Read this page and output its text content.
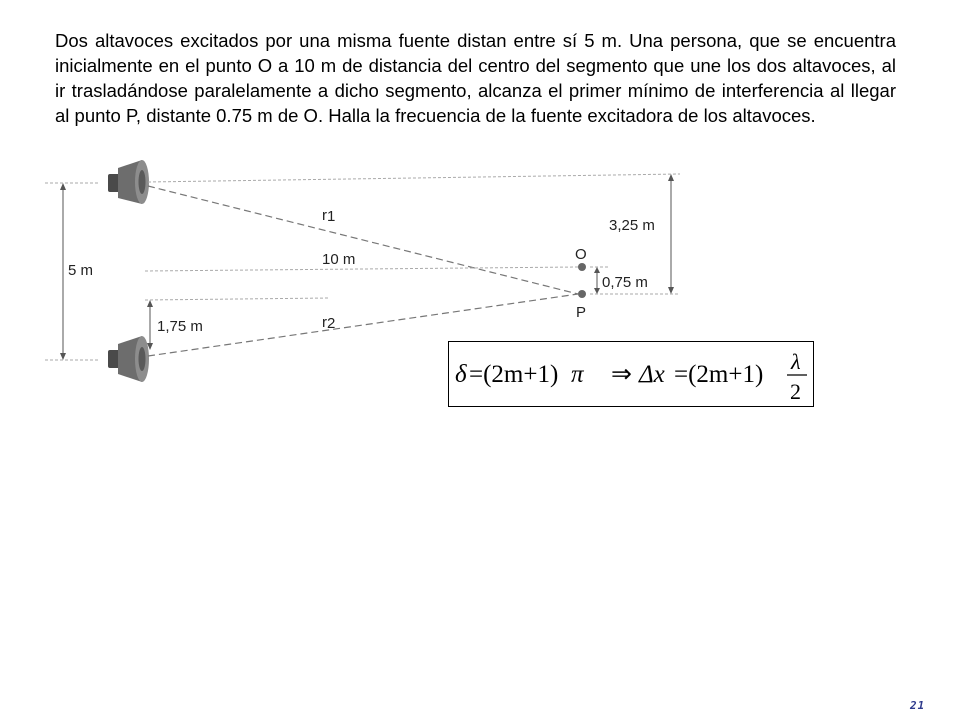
Dos altavoces excitados por una misma fuente distan entre sí 5 m. Una persona, que se encuentra inicialmente en el punto O a 10 m de distancia del centro del segmento que une los dos altavoces, al ir trasladándose paralelamente a dicho segmento, alcanza el primer mínimo de interferencia al llegar al punto P, distante 0.75 m de O. Halla la frecuencia de la fuente excitadora de los altavoces.

5 m
r1
10 m
r2
1,75 m
3,25 m
0,75 m
O
P
δ =(2m+1) π ⇒ Δx =(2m+1) λ
2
21
